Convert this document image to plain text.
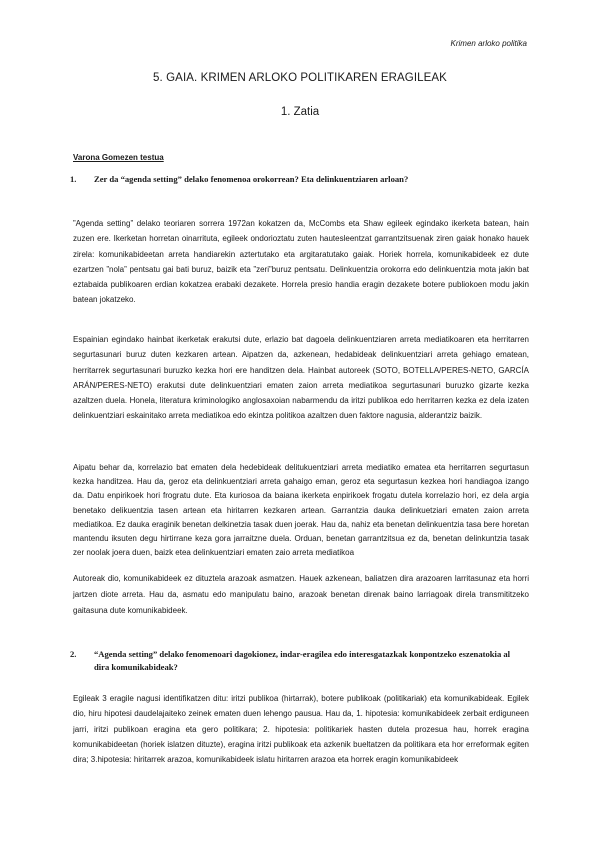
Krimen arloko politika
5. GAIA. KRIMEN ARLOKO POLITIKAREN ERAGILEAK
1. Zatia
Varona Gomezen testua
1. Zer da “agenda setting” delako fenomenoa orokorrean? Eta delinkuentziaren arloan?

”Agenda setting” delako teoriaren sorrera 1972an kokatzen da, McCombs eta Shaw egileek egindako ikerketa batean, hain zuzen ere. Ikerketan horretan oinarrituta, egileek ondorioztatu zuten hautesleentzat garrantzitsuenak ziren gaiak honako hauek zirela: komunikabideetan arreta handiarekin aztertutako eta argitaratutako gaiak. Horiek horrela, komunikabideek ez dute ezartzen ”nola” pentsatu gai bati buruz, baizik eta ”zeri”buruz pentsatu. Delinkuentzia orokorra edo delinkuentzia mota jakin bat eztabaida publikoaren erdian kokatzea erabaki dezakete. Horrela presio handia eragin dezakete botere publiokoen modu jakin batean jokatzeko.

Espainian egindako hainbat ikerketak erakutsi dute, erlazio bat dagoela delinkuentziaren arreta mediatikoaren eta herritarren segurtasunari buruz duten kezkaren artean. Aipatzen da, azkenean, hedabideak delinkuentziari arreta gehiago ematean, herritarrek segurtasunari buruzko kezka hori ere handitzen dela. Hainbat autoreek (SOTO, BOTELLA/PERES-NETO, GARCÍA ARÁN/PERES-NETO) erakutsi dute delinkuentziari ematen zaion arreta mediatikoa segurtasunari buruzko gizarte kezka azaltzen duela. Honela, literatura kriminologiko anglosaxoian nabarmendu da iritzi publikoa edo herritarren kezka ez dela izaten delinkuentziari eskainitako arreta mediatikoa edo ekintza politikoa azaltzen duen faktore nagusia, alderantziz baizik.

Aipatu behar da, korrelazio bat ematen dela hedebideak delitukuentziari arreta mediatiko ematea eta herritarren segurtasun kezka handitzea. Hau da, geroz eta delinkuentziari arreta gahaigo eman, geroz eta segurtasun kezkea hori handiagoa izango da. Datu enpirikoek hori frogratu dute. Eta kuriosoa da baiana ikerketa enpirikoek frogatu dutela korrelazio hori, ez dela argia benetako delikuentzia tasen artean eta hiritarren kezkaren artean. Garrantzia dauka delinkuetziari ematen zaion arreta mediatikoa. Ez dauka eraginik benetan delkinetzia tasak duen joerak. Hau da, nahiz eta benetan delinkuentzia tasa bere horetan mantendu iksuten degu hirtirrane keza gora jarraitzne duela. Orduan, benetan garrantzitsua ez da, benetan delinkuntzia tasak zer noolak joera duen, baizk etea delinkuentziari ematen zaio arreta mediatikoa

Autoreak dio, komunikabideek ez dituztela arazoak asmatzen. Hauek azkenean, baliatzen dira arazoaren larritasunaz eta horri jartzen diote arreta. Hau da, asmatu edo manipulatu baino, arazoak benetan direnak baino larriagoak direla transmititzeko gaitasuna dute komunikabideek.

2. “Agenda setting” delako fenomenoari dagokionez, indar-eragilea edo interesgatazkak konpontzeko eszenatokia al dira komunikabideak?

Egileak 3 eragile nagusi identifikatzen ditu: iritzi publikoa (hirtarrak), botere publikoak (politikariak) eta komunikabideak. Egilek dio, hiru hipotesi daudelajaiteko zeinek ematen duen lehengo pausua. Hau da, 1. hipotesia: komunikabideek zerbait erdiguneen jarri, iritzi publikoan eragina eta gero politikara; 2. hipotesia: politikariek hasten dutela prozesua hau, horrek eragina komunikabideetan (horiek islatzen dituzte), eragina iritzi publikoak eta azkenik bueltatzen da politikara eta hor erreformak egiten dira; 3.hipotesia: hiritarrek arazoa, komunikabideek islatu hiritarren arazoa eta horrek eragin komunikabideek
